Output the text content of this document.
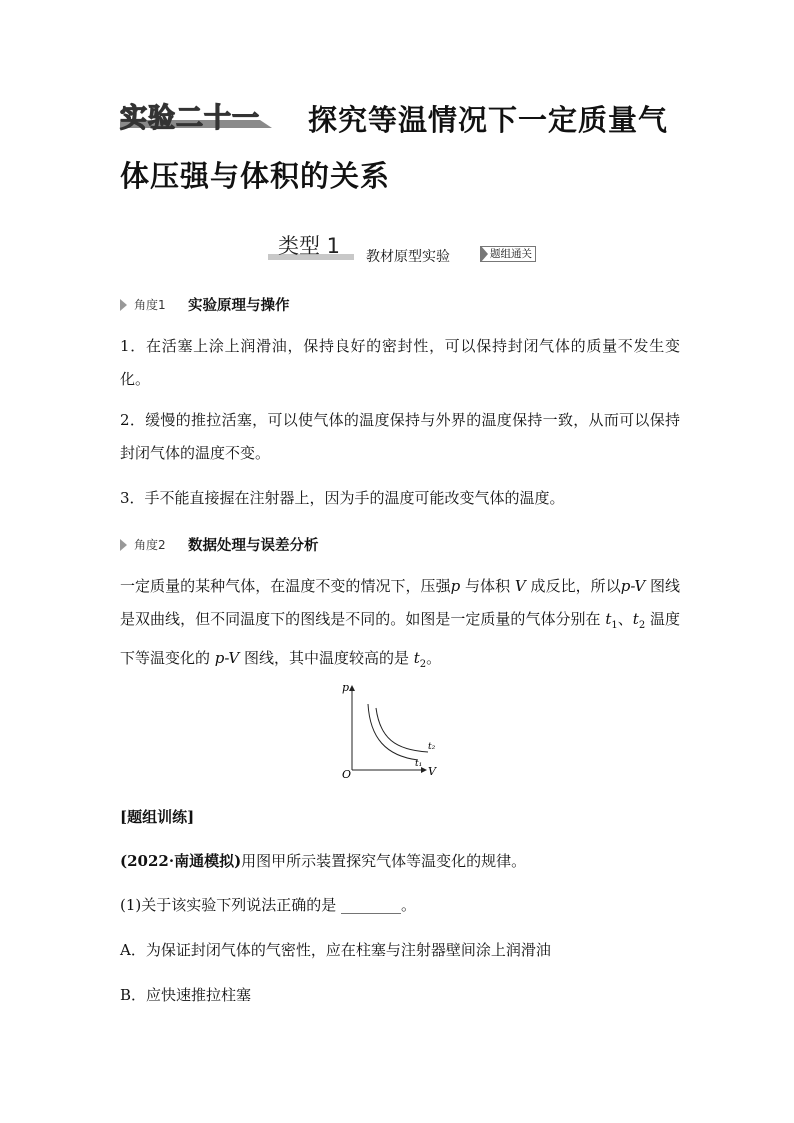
实验二十一 探究等温情况下一定质量气
体压强与体积的关系
类型 1 教材原型实验	题组通关
角度1 实验原理与操作
1．在活塞上涂上润滑油，保持良好的密封性，可以保持封闭气体的质量不发生变化。
2．缓慢的推拉活塞，可以使气体的温度保持与外界的温度保持一致，从而可以保持封闭气体的温度不变。
3．手不能直接握在注射器上，因为手的温度可能改变气体的温度。
角度2 数据处理与误差分析
一定质量的某种气体，在温度不变的情况下，压强p 与体积 V 成反比，所以p-V 图线是双曲线，但不同温度下的图线是不同的。如图是一定质量的气体分别在 $t_1$、$t_2$ 温度下等温变化的 p-V 图线，其中温度较高的是 $t_2$。
p
V
O
t₂
t₁
[题组训练]
(2022·南通模拟)用图甲所示装置探究气体等温变化的规律。
(1)关于该实验下列说法正确的是 ________。
A．为保证封闭气体的气密性，应在柱塞与注射器壁间涂上润滑油
B．应快速推拉柱塞
